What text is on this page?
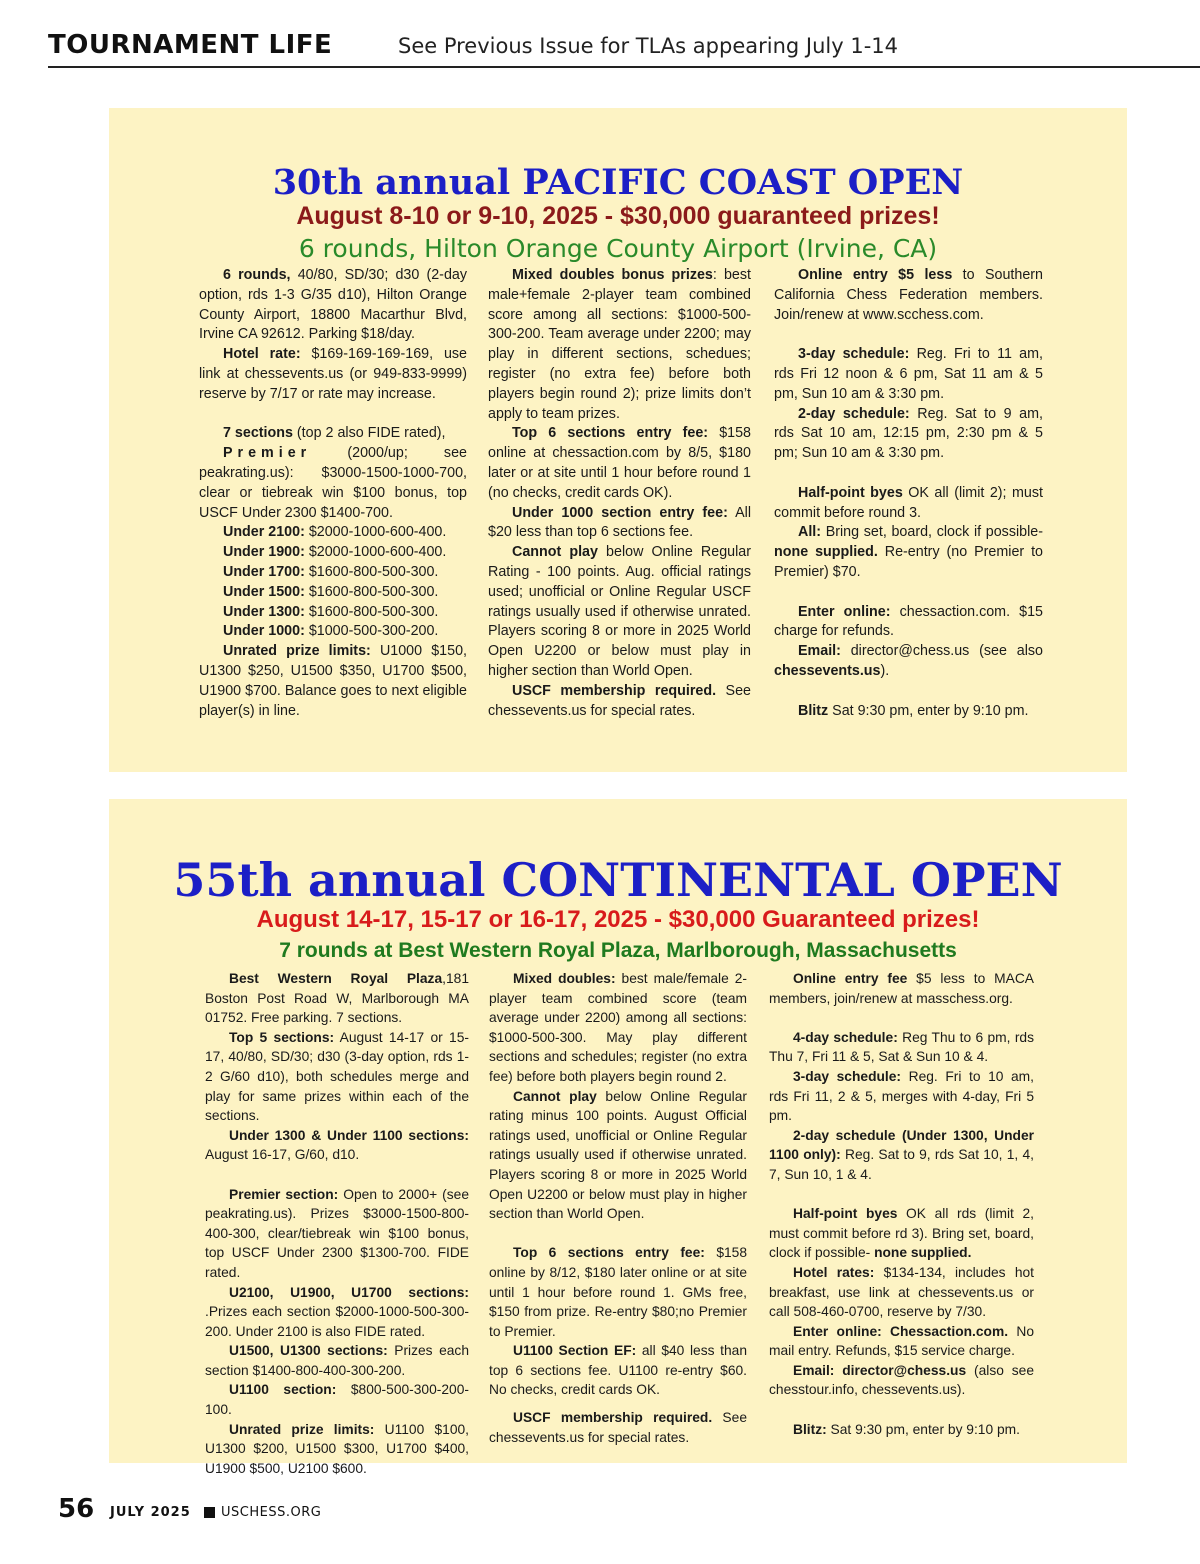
TOURNAMENT LIFE	See Previous Issue for TLAs appearing July 1-14
30th annual PACIFIC COAST OPEN
August 8-10 or 9-10, 2025 - $30,000 guaranteed prizes!
6 rounds, Hilton Orange County Airport (Irvine, CA)

6 rounds, 40/80, SD/30; d30 (2-day option, rds 1-3 G/35 d10), Hilton Orange County Airport, 18800 Macarthur Blvd, Irvine CA 92612. Parking $18/day.

Hotel rate: $169-169-169-169, use link at chessevents.us (or 949-833-9999) reserve by 7/17 or rate may increase.

7 sections (top 2 also FIDE rated),

Premier (2000/up; see peakrating.us): $3000-1500-1000-700, clear or tiebreak win $100 bonus, top USCF Under 2300 $1400-700.

Under 2100: $2000-1000-600-400.

Under 1900: $2000-1000-600-400.

Under 1700: $1600-800-500-300.

Under 1500: $1600-800-500-300.

Under 1300: $1600-800-500-300.

Under 1000: $1000-500-300-200.

Unrated prize limits: U1000 $150, U1300 $250, U1500 $350, U1700 $500, U1900 $700. Balance goes to next eligible player(s) in line.

Mixed doubles bonus prizes: best male+female 2-player team combined score among all sections: $1000-500-300-200. Team average under 2200; may play in different sections, schedues; register (no extra fee) before both players begin round 2); prize limits don’t apply to team prizes.

Top 6 sections entry fee: $158 online at chessaction.com by 8/5, $180 later or at site until 1 hour before round 1 (no checks, credit cards OK).

Under 1000 section entry fee: All $20 less than top 6 sections fee.

Cannot play below Online Regular Rating - 100 points. Aug. official ratings used; unofficial or Online Regular USCF ratings usually used if otherwise unrated. Players scoring 8 or more in 2025 World Open U2200 or below must play in higher section than World Open.

USCF membership required. See chessevents.us for special rates.

Online entry $5 less to Southern California Chess Federation members. Join/renew at www.scchess.com.

3-day schedule: Reg. Fri to 11 am, rds Fri 12 noon & 6 pm, Sat 11 am & 5 pm, Sun 10 am & 3:30 pm.

2-day schedule: Reg. Sat to 9 am, rds Sat 10 am, 12:15 pm, 2:30 pm & 5 pm; Sun 10 am & 3:30 pm.

Half-point byes OK all (limit 2); must commit before round 3.

All: Bring set, board, clock if possible- none supplied. Re-entry (no Premier to Premier) $70.

Enter online: chessaction.com. $15 charge for refunds.

Email: director@chess.us (see also chessevents.us).

Blitz Sat 9:30 pm, enter by 9:10 pm.

55th annual CONTINENTAL OPEN
August 14-17, 15-17 or 16-17, 2025 - $30,000 Guaranteed prizes!
7 rounds at Best Western Royal Plaza, Marlborough, Massachusetts

Best Western Royal Plaza,181 Boston Post Road W, Marlborough MA 01752. Free parking. 7 sections.

Top 5 sections: August 14-17 or 15-17, 40/80, SD/30; d30 (3-day option, rds 1-2 G/60 d10), both schedules merge and play for same prizes within each of the sections.

Under 1300 & Under 1100 sections: August 16-17, G/60, d10.

Premier section: Open to 2000+ (see peakrating.us). Prizes $3000-1500-800-400-300, clear/tiebreak win $100 bonus, top USCF Under 2300 $1300-700. FIDE rated.

U2100, U1900, U1700 sections: .Prizes each section $2000-1000-500-300-200. Under 2100 is also FIDE rated.

U1500, U1300 sections: Prizes each section $1400-800-400-300-200.

U1100 section: $800-500-300-200-100.

Unrated prize limits: U1100 $100, U1300 $200, U1500 $300, U1700 $400, U1900 $500, U2100 $600.

Mixed doubles: best male/female 2-player team combined score (team average under 2200) among all sections: $1000-500-300. May play different sections and schedules; register (no extra fee) before both players begin round 2.

Cannot play below Online Regular rating minus 100 points. August Official ratings used, unofficial or Online Regular ratings usually used if otherwise unrated. Players scoring 8 or more in 2025 World Open U2200 or below must play in higher section than World Open.

Top 6 sections entry fee: $158 online by 8/12, $180 later online or at site until 1 hour before round 1. GMs free, $150 from prize. Re-entry $80;no Premier to Premier.

U1100 Section EF: all $40 less than top 6 sections fee. U1100 re-entry $60. No checks, credit cards OK.

USCF membership required. See chessevents.us for special rates.

Online entry fee $5 less to MACA members, join/renew at masschess.org.

4-day schedule: Reg Thu to 6 pm, rds Thu 7, Fri 11 & 5, Sat & Sun 10 & 4.

3-day schedule: Reg. Fri to 10 am, rds Fri 11, 2 & 5, merges with 4-day, Fri 5 pm.

2-day schedule (Under 1300, Under 1100 only): Reg. Sat to 9, rds Sat 10, 1, 4, 7, Sun 10, 1 & 4.

Half-point byes OK all rds (limit 2, must commit before rd 3). Bring set, board, clock if possible- none supplied.

Hotel rates: $134-134, includes hot breakfast, use link at chessevents.us or call 508-460-0700, reserve by 7/30.

Enter online: Chessaction.com. No mail entry. Refunds, $15 service charge.

Email: director@chess.us (also see chesstour.info, chessevents.us).

Blitz: Sat 9:30 pm, enter by 9:10 pm.

56 JULY 2025 USCHESS.ORG
